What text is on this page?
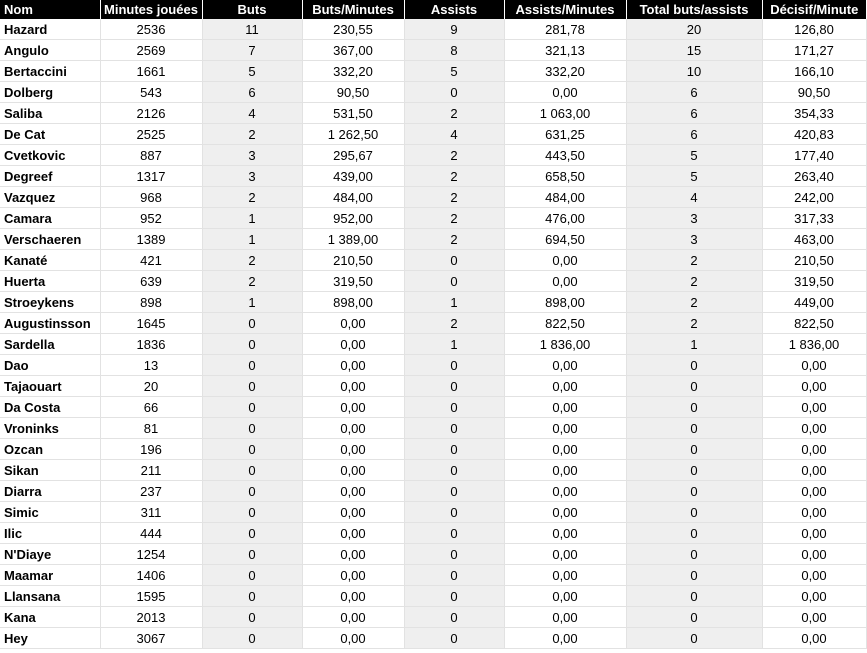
Nom	Minutes jouées	Buts	Buts/Minutes	Assists	Assists/Minutes	Total buts/assists	Décisif/Minute
Hazard	2536	11	230,55	9	281,78	20	126,80
Angulo	2569	7	367,00	8	321,13	15	171,27
Bertaccini	1661	5	332,20	5	332,20	10	166,10
Dolberg	543	6	90,50	0	0,00	6	90,50
Saliba	2126	4	531,50	2	1 063,00	6	354,33
De Cat	2525	2	1 262,50	4	631,25	6	420,83
Cvetkovic	887	3	295,67	2	443,50	5	177,40
Degreef	1317	3	439,00	2	658,50	5	263,40
Vazquez	968	2	484,00	2	484,00	4	242,00
Camara	952	1	952,00	2	476,00	3	317,33
Verschaeren	1389	1	1 389,00	2	694,50	3	463,00
Kanaté	421	2	210,50	0	0,00	2	210,50
Huerta	639	2	319,50	0	0,00	2	319,50
Stroeykens	898	1	898,00	1	898,00	2	449,00
Augustinsson	1645	0	0,00	2	822,50	2	822,50
Sardella	1836	0	0,00	1	1 836,00	1	1 836,00
Dao	13	0	0,00	0	0,00	0	0,00
Tajaouart	20	0	0,00	0	0,00	0	0,00
Da Costa	66	0	0,00	0	0,00	0	0,00
Vroninks	81	0	0,00	0	0,00	0	0,00
Ozcan	196	0	0,00	0	0,00	0	0,00
Sikan	211	0	0,00	0	0,00	0	0,00
Diarra	237	0	0,00	0	0,00	0	0,00
Simic	311	0	0,00	0	0,00	0	0,00
Ilic	444	0	0,00	0	0,00	0	0,00
N'Diaye	1254	0	0,00	0	0,00	0	0,00
Maamar	1406	0	0,00	0	0,00	0	0,00
Llansana	1595	0	0,00	0	0,00	0	0,00
Kana	2013	0	0,00	0	0,00	0	0,00
Hey	3067	0	0,00	0	0,00	0	0,00
